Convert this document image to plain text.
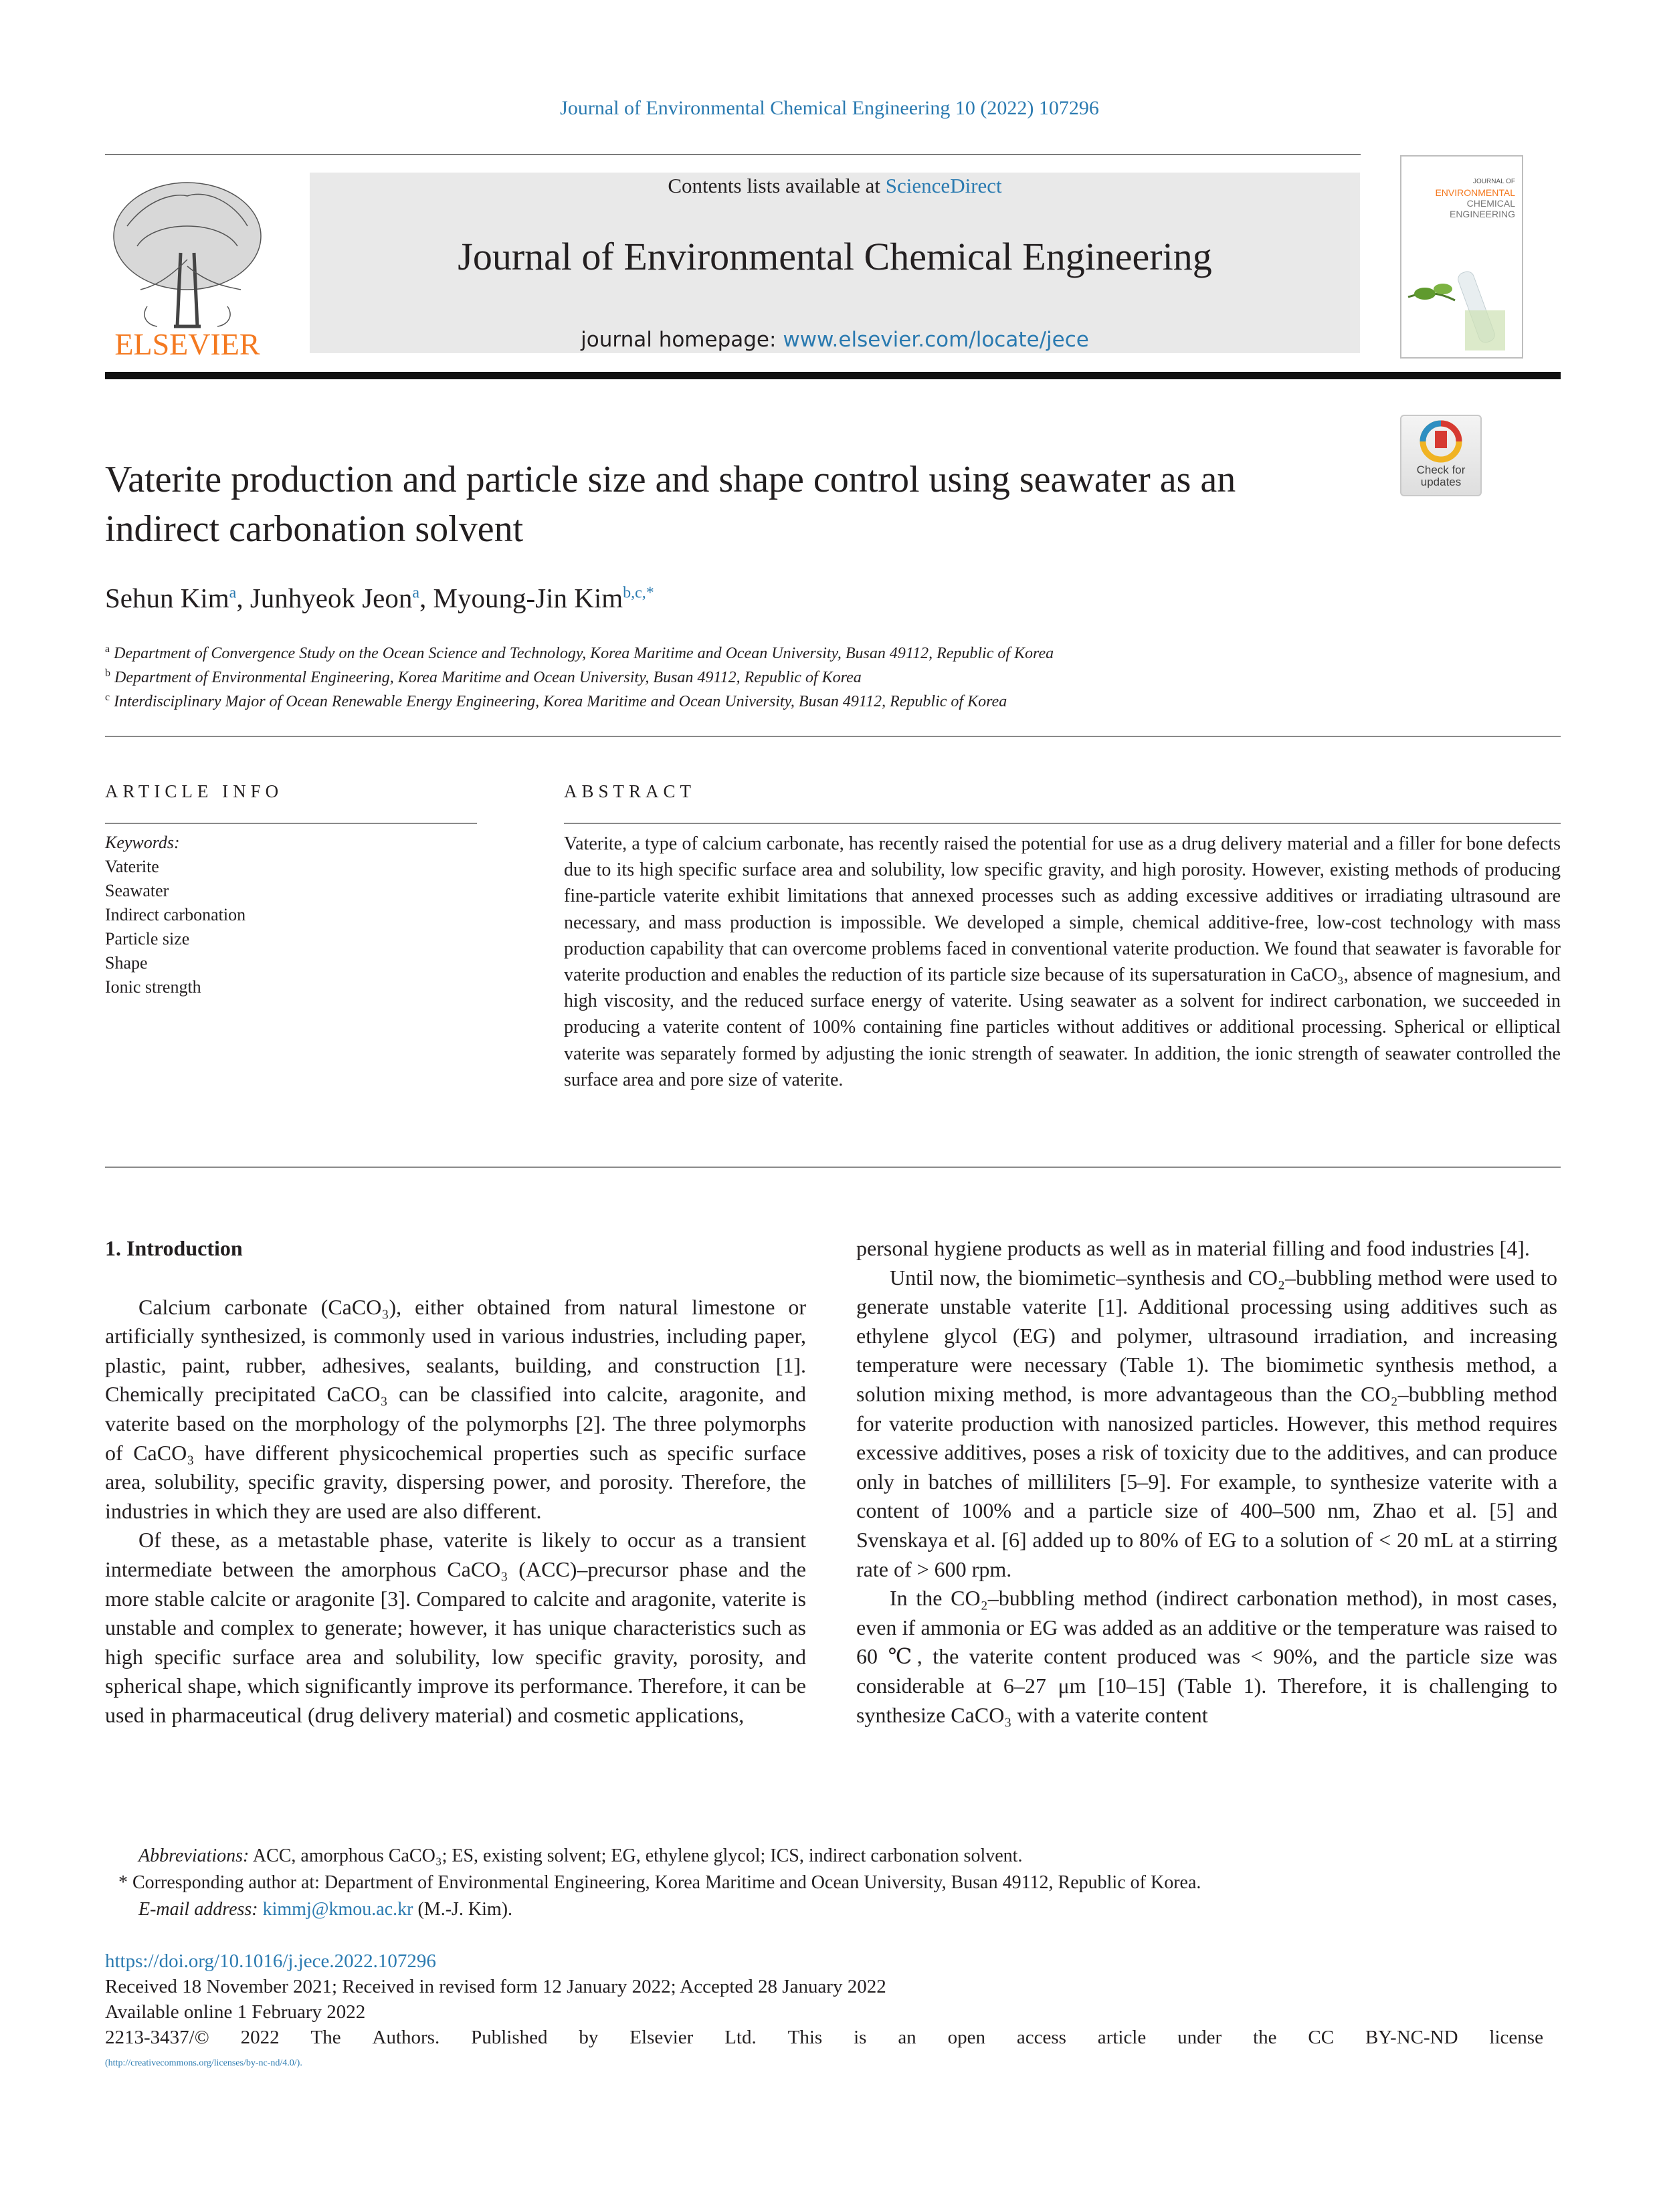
Journal of Environmental Chemical Engineering 10 (2022) 107296
ELSEVIER
Contents lists available at ScienceDirect
Journal of Environmental Chemical Engineering
journal homepage: www.elsevier.com/locate/jece
JOURNAL OF
ENVIRONMENTAL
CHEMICAL
ENGINEERING
Vaterite production and particle size and shape control using seawater as an
indirect carbonation solvent
Check for
updates
Sehun Kim$^a$, Junhyeok Jeon$^a$, Myoung-Jin Kim$^{b,c,*}$
$^a$ Department of Convergence Study on the Ocean Science and Technology, Korea Maritime and Ocean University, Busan 49112, Republic of Korea
$^b$ Department of Environmental Engineering, Korea Maritime and Ocean University, Busan 49112, Republic of Korea
$^c$ Interdisciplinary Major of Ocean Renewable Energy Engineering, Korea Maritime and Ocean University, Busan 49112, Republic of Korea
ARTICLE INFO	ABSTRACT
Keywords:
Vaterite
Seawater
Indirect carbonation
Particle size
Shape
Ionic strength
Vaterite, a type of calcium carbonate, has recently raised the potential for use as a drug delivery material and a filler for bone defects due to its high specific surface area and solubility, low specific gravity, and high porosity. However, existing methods of producing fine-particle vaterite exhibit limitations that annexed processes such as adding excessive additives or irradiating ultrasound are necessary, and mass production is impossible. We developed a simple, chemical additive-free, low-cost technology with mass production capability that can overcome problems faced in conventional vaterite production. We found that seawater is favorable for vaterite production and enables the reduction of its particle size because of its supersaturation in CaCO₃, absence of magnesium, and high viscosity, and the reduced surface energy of vaterite. Using seawater as a solvent for indirect carbonation, we succeeded in producing a vaterite content of 100% containing fine particles without additives or additional processing. Spherical or elliptical vaterite was separately formed by adjusting the ionic strength of seawater. In addition, the ionic strength of seawater controlled the surface area and pore size of vaterite.

1. Introduction

Calcium carbonate (CaCO₃), either obtained from natural limestone or artificially synthesized, is commonly used in various industries, including paper, plastic, paint, rubber, adhesives, sealants, building, and construction [1]. Chemically precipitated CaCO₃ can be classified into calcite, aragonite, and vaterite based on the morphology of the polymorphs [2]. The three polymorphs of CaCO₃ have different physicochemical properties such as specific surface area, solubility, specific gravity, dispersing power, and porosity. Therefore, the industries in which they are used are also different.

Of these, as a metastable phase, vaterite is likely to occur as a transient intermediate between the amorphous CaCO₃ (ACC)–precursor phase and the more stable calcite or aragonite [3]. Compared to calcite and aragonite, vaterite is unstable and complex to generate; however, it has unique characteristics such as high specific surface area and solubility, low specific gravity, porosity, and spherical shape, which significantly improve its performance. Therefore, it can be used in pharmaceutical (drug delivery material) and cosmetic applications,

personal hygiene products as well as in material filling and food industries [4].

Until now, the biomimetic–synthesis and CO₂–bubbling method were used to generate unstable vaterite [1]. Additional processing using additives such as ethylene glycol (EG) and polymer, ultrasound irradiation, and increasing temperature were necessary (Table 1). The biomimetic synthesis method, a solution mixing method, is more advantageous than the CO₂–bubbling method for vaterite production with nanosized particles. However, this method requires excessive additives, poses a risk of toxicity due to the additives, and can produce only in batches of milliliters [5–9]. For example, to synthesize vaterite with a content of 100% and a particle size of 400–500 nm, Zhao et al. [5] and Svenskaya et al. [6] added up to 80% of EG to a solution of < 20 mL at a stirring rate of > 600 rpm.

In the CO₂–bubbling method (indirect carbonation method), in most cases, even if ammonia or EG was added as an additive or the temperature was raised to 60 ℃, the vaterite content produced was < 90%, and the particle size was considerable at 6–27 μm [10–15] (Table 1). Therefore, it is challenging to synthesize CaCO₃ with a vaterite content

Abbreviations: ACC, amorphous CaCO₃; ES, existing solvent; EG, ethylene glycol; ICS, indirect carbonation solvent.
* Corresponding author at: Department of Environmental Engineering, Korea Maritime and Ocean University, Busan 49112, Republic of Korea.
E-mail address: kimmj@kmou.ac.kr (M.-J. Kim).
https://doi.org/10.1016/j.jece.2022.107296
Received 18 November 2021; Received in revised form 12 January 2022; Accepted 28 January 2022
Available online 1 February 2022
2213-3437/© 2022 The Authors. Published by Elsevier Ltd. This is an open access article under the CC BY-NC-ND license
(http://creativecommons.org/licenses/by-nc-nd/4.0/).
